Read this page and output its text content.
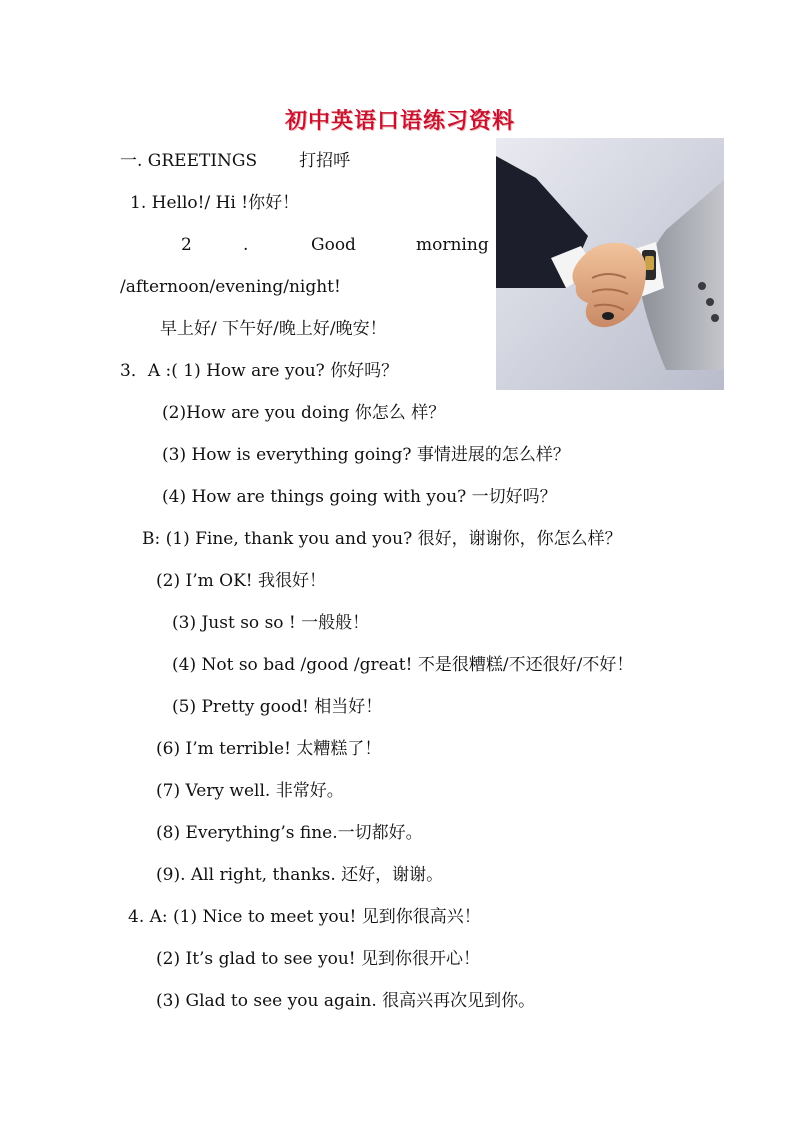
初中英语口语练习资料
一. GREETINGS 打招呼
1. Hello!/ Hi !你好！
2	.	Good	morning
/afternoon/evening/night!
早上好/ 下午好/晚上好/晚安！
3．A :( 1) How are you? 你好吗？
(2)How are you doing 你怎么 样？
(3) How is everything going? 事情进展的怎么样？
(4) How are things going with you? 一切好吗？
B: (1) Fine, thank you and you? 很好，谢谢你，你怎么样？
(2) I’m OK! 我很好！
(3) Just so so ! 一般般！
(4) Not so bad /good /great! 不是很糟糕/不还很好/不好！
(5) Pretty good! 相当好！
(6) I’m terrible! 太糟糕了！
(7) Very well. 非常好。
(8) Everything’s fine.一切都好。
(9). All right, thanks. 还好，谢谢。
4. A: (1) Nice to meet you! 见到你很高兴！
(2) It’s glad to see you! 见到你很开心！
(3) Glad to see you again. 很高兴再次见到你。
